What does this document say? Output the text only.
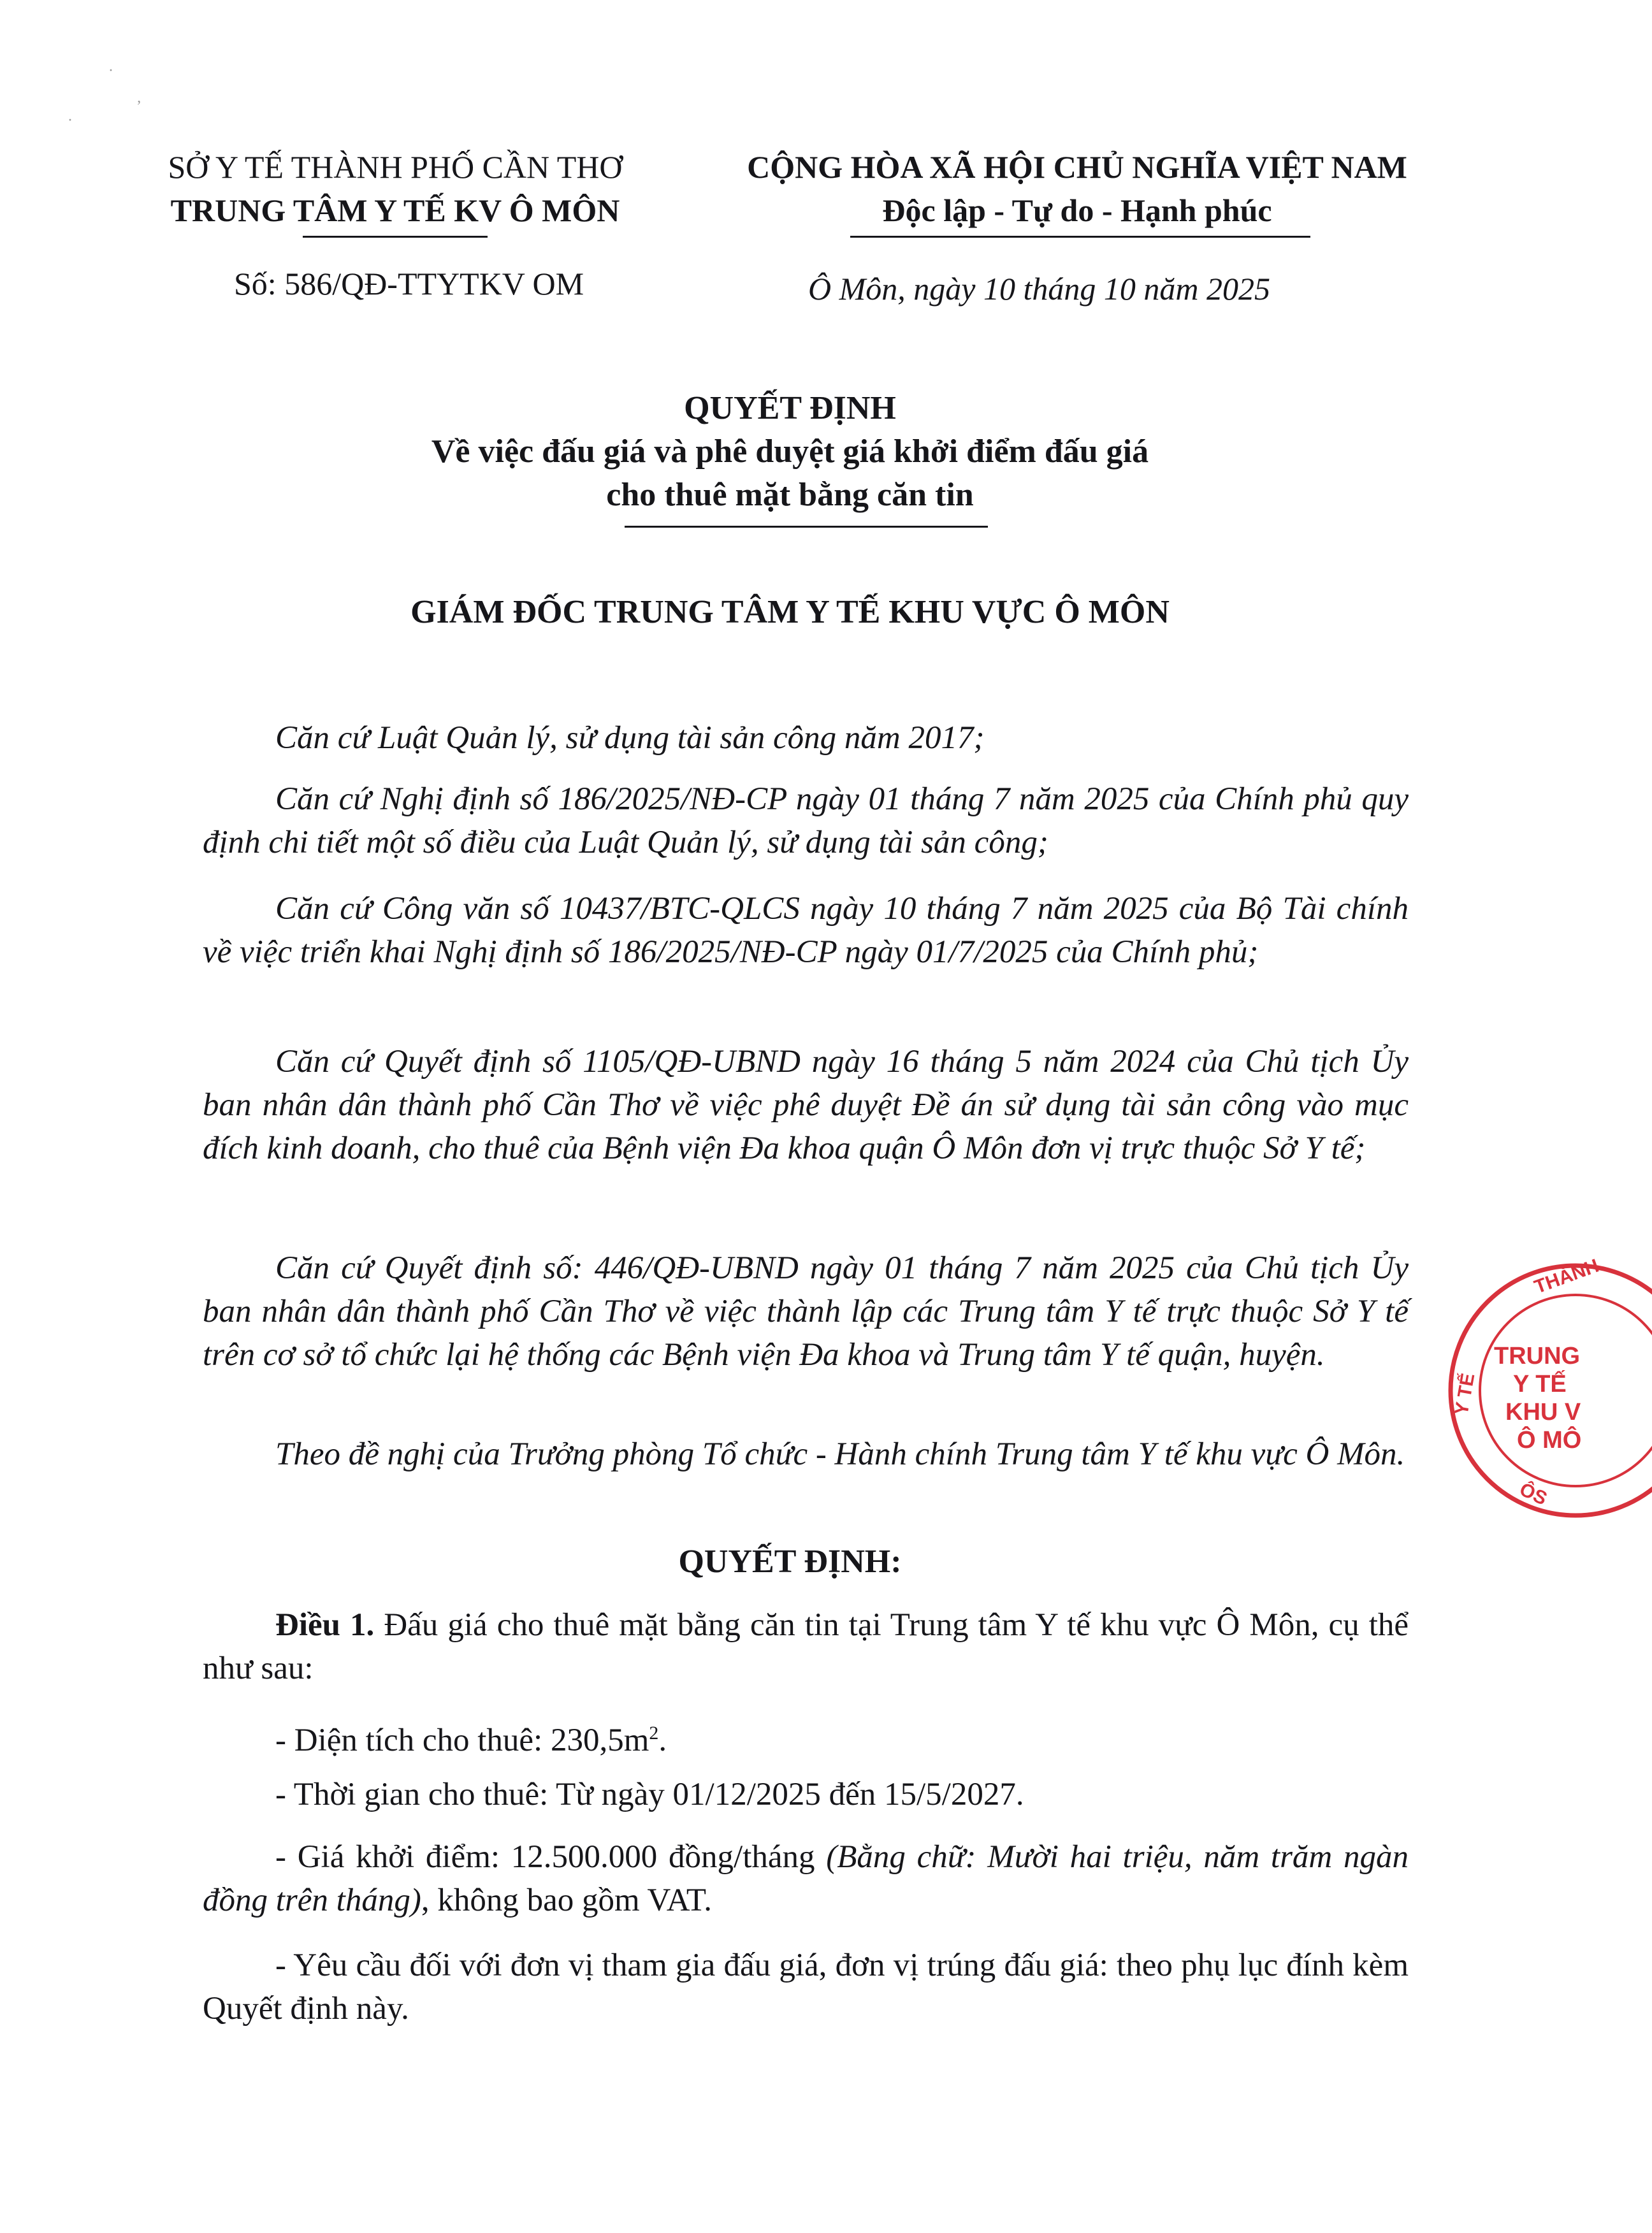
·
·
ʼ
SỞ Y TẾ THÀNH PHỐ CẦN THƠ
TRUNG TÂM Y TẾ KV Ô MÔN
CỘNG HÒA XÃ HỘI CHỦ NGHĨA VIỆT NAM
Độc lập - Tự do - Hạnh phúc
Số: 586/QĐ-TTYTKV OM	Ô Môn, ngày 10 tháng 10 năm 2025
QUYẾT ĐỊNH
Về việc đấu giá và phê duyệt giá khởi điểm đấu giá
cho thuê mặt bằng căn tin
GIÁM ĐỐC TRUNG TÂM Y TẾ KHU VỰC Ô MÔN
Căn cứ Luật Quản lý, sử dụng tài sản công năm 2017;
Căn cứ Nghị định số 186/2025/NĐ-CP ngày 01 tháng 7 năm 2025 của Chính phủ quy định chi tiết một số điều của Luật Quản lý, sử dụng tài sản công;
Căn cứ Công văn số 10437/BTC-QLCS ngày 10 tháng 7 năm 2025 của Bộ Tài chính về việc triển khai Nghị định số 186/2025/NĐ-CP ngày 01/7/2025 của Chính phủ;
Căn cứ Quyết định số 1105/QĐ-UBND ngày 16 tháng 5 năm 2024 của Chủ tịch Ủy ban nhân dân thành phố Cần Thơ về việc phê duyệt Đề án sử dụng tài sản công vào mục đích kinh doanh, cho thuê của Bệnh viện Đa khoa quận Ô Môn đơn vị trực thuộc Sở Y tế;
Căn cứ Quyết định số: 446/QĐ-UBND ngày 01 tháng 7 năm 2025 của Chủ tịch Ủy ban nhân dân thành phố Cần Thơ về việc thành lập các Trung tâm Y tế trực thuộc Sở Y tế trên cơ sở tổ chức lại hệ thống các Bệnh viện Đa khoa và Trung tâm Y tế quận, huyện.
Theo đề nghị của Trưởng phòng Tổ chức - Hành chính Trung tâm Y tế khu vực Ô Môn.
QUYẾT ĐỊNH:
Điều 1. Đấu giá cho thuê mặt bằng căn tin tại Trung tâm Y tế khu vực Ô Môn, cụ thể như sau:
- Diện tích cho thuê: $230,5m^2$.
- Thời gian cho thuê: Từ ngày 01/12/2025 đến 15/5/2027.
- Giá khởi điểm: 12.500.000 đồng/tháng (Bằng chữ: Mười hai triệu, năm trăm ngàn đồng trên tháng), không bao gồm VAT.
- Yêu cầu đối với đơn vị tham gia đấu giá, đơn vị trúng đấu giá: theo phụ lục đính kèm Quyết định này.
THÀNH
TRUNG
Y TẾ
KHU V
Ô MÔ
Y TẾ
ÔS
